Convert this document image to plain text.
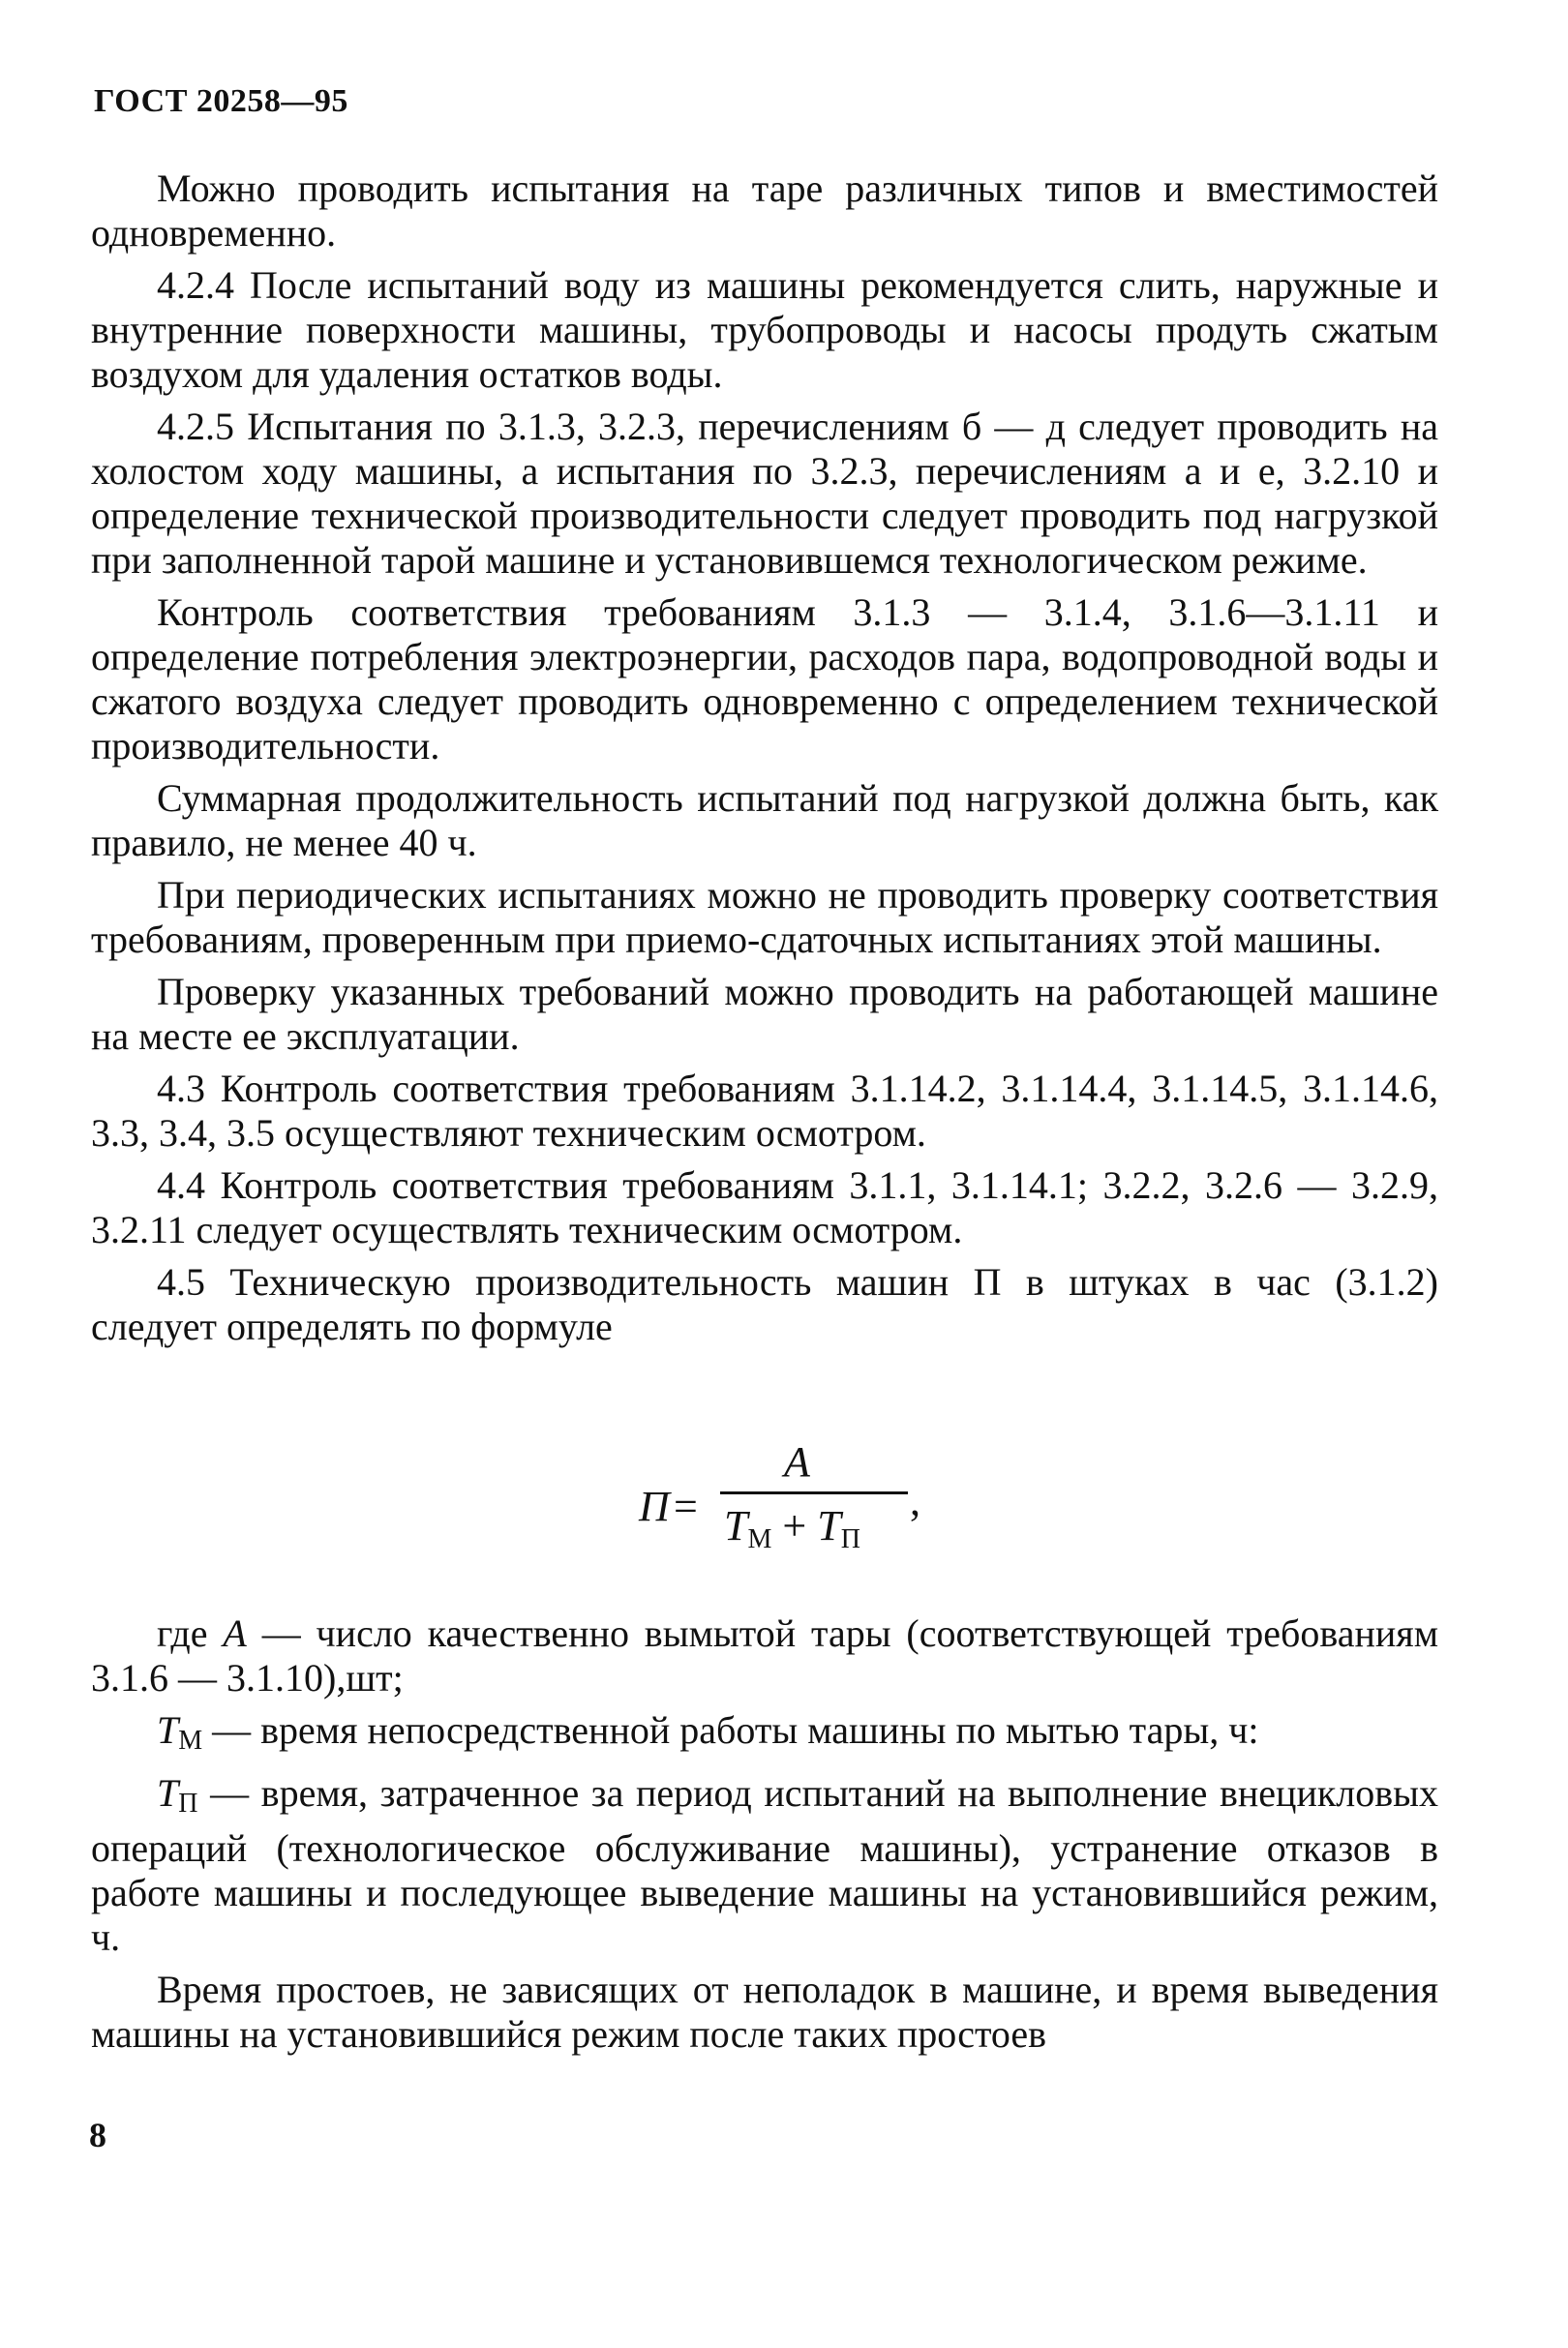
ГОСТ 20258—95

Можно проводить испытания на таре различных типов и вместимостей одновременно.

4.2.4 После испытаний воду из машины рекомендуется слить, наружные и внутренние поверхности машины, трубопроводы и насосы продуть сжатым воздухом для удаления остатков воды.

4.2.5 Испытания по 3.1.3, 3.2.3, перечислениям б — д следует проводить на холостом ходу машины, а испытания по 3.2.3, перечислениям а и е, 3.2.10 и определение технической производительности следует проводить под нагрузкой при заполненной тарой машине и установившемся технологическом режиме.

Контроль соответствия требованиям 3.1.3 — 3.1.4, 3.1.6—3.1.11 и определение потребления электроэнергии, расходов пара, водопроводной воды и сжатого воздуха следует проводить одновременно с определением технической производительности.

Суммарная продолжительность испытаний под нагрузкой должна быть, как правило, не менее 40 ч.

При периодических испытаниях можно не проводить проверку соответствия требованиям, проверенным при приемо-сдаточных испытаниях этой машины.

Проверку указанных требований можно проводить на работающей машине на месте ее эксплуатации.

4.3 Контроль соответствия требованиям 3.1.14.2, 3.1.14.4, 3.1.14.5, 3.1.14.6, 3.3, 3.4, 3.5 осуществляют техническим осмотром.

4.4 Контроль соответствия требованиям 3.1.1, 3.1.14.1; 3.2.2, 3.2.6 — 3.2.9, 3.2.11 следует осуществлять техническим осмотром.

4.5 Техническую производительность машин П в штуках в час (3.1.2) следует определять по формуле

П =
A
$T_М + T_П$
,

где A — число качественно вымытой тары (соответствующей требованиям 3.1.6 — 3.1.10),шт;

$T_М$ — время непосредственной работы машины по мытью тары, ч:

$T_П$ — время, затраченное за период испытаний на выполнение внецикловых операций (технологическое обслуживание машины), устранение отказов в работе машины и последующее выведение машины на установившийся режим, ч.

Время простоев, не зависящих от неполадок в машине, и время выведения машины на установившийся режим после таких простоев

8
